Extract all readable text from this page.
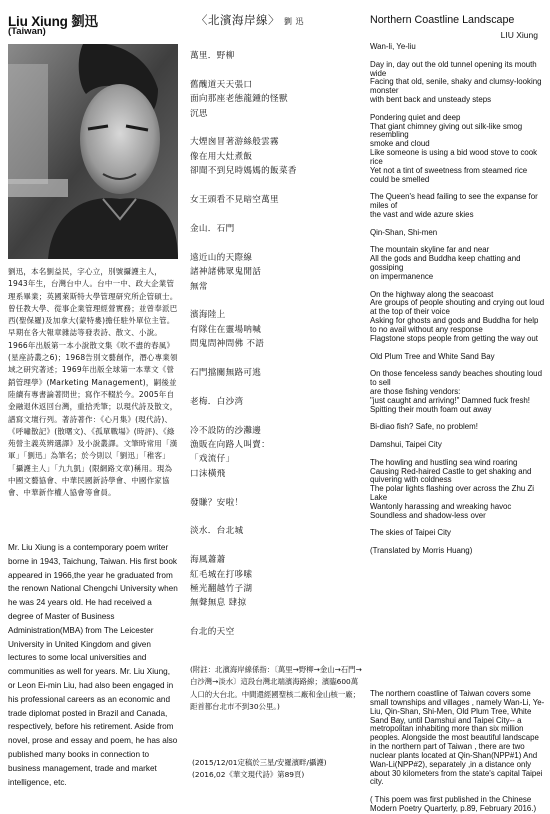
Liu Xiung 劉迅
(Taiwan)
劉迅，本名劉益民，字心立，別號攝護主人，1943年生，台灣台中人。台中一中、政大企業管理系畢業；英國萊斯特大學管理研究所企管碩士。曾任教大學、從事企業管理經營實務；並曾奉派巴西(聖保羅)及加拿大(蒙特婁)擔任駐外單位主管。早期在各大報章雜誌等發表詩、散文、小說。1966年出版第一本小說散文集《吹不盡的春風》(星座詩叢之6)；1968告別文藝創作，潛心專業領域之研究著述；1969年出版全球第一本華文《營銷管理學》(Marketing Management)，嗣後並陸續有專書論著問世；寫作不輟於今。2005年自金融退休返回台灣，重拾秃筆；以現代詩及散文，譜寫文壇行列。著詩著作：《心月集》(現代詩)、《呼嘯散記》(散曙文)、《孤單戰場》(時評)、《綠苑營主義英辨選譯》及小說叢譯。文筆時常用「漢軍」「劉迅」為筆名；於今則以「劉迅」「稚客」「攝護主人」「九九凱」(限網路文章)稱用。現為中國文藝協會、中華民國新詩學會、中國作家協會、中華新作權人協會等會員。
Mr. Liu Xiung is a contemporary poem writer borne in 1943, Taichung, Taiwan. His first book appeared in 1966,the year he graduated from the renown National Chengchi University when he was 24 years old. He had received a degree of Master of Business Administration(MBA) from The Leicester University in United Kingdom and given lectures to some local universities and communities as well for years. Mr. Liu Xiung, or Leon Ei-min Liu, had also been engaged in his professional careers as an economic and trade diplomat posted in Brazil and Canada, respectively, before his retirement. Aside from novel, prose and essay and poem, he has also published many books in connection to business management, trade and market intelligence, etc.
〈北濱海岸線〉 劉 迅
萬里．野柳

舊醜道天天張口
面向那座老態龍鍾的怪獸
沉思

大煙囪冒著游絲般雲霧
像在用大灶煮飯
卻聞不到兒時媽媽的飯菜香

女王頭看不見暗空萬里

金山．石門

遠近山的天際線
諸神諸佛眾鬼閒話
無常

濱海陸上
有隊住在靈場呐喊
問鬼問神問佛 不語

石門擋關無路可逃

老梅．白沙湾

冷不設防的沙灘邊
漁販在向路人叫賣：
「戏流仔」
口沫橫飛

發賺？安啦！

淡水．台北城

海風蕭蕭
紅毛城在打哆嗦
極光翻越竹子湖
無聲無息 肆掠

台北的天空
(附註：北濱海岸線係指：〔萬里→野柳→金山→石門→白沙灣→淡水〕這段台灣北端濱海路線；濱臨600萬人口的大台北。中間還經國聖核二廠和金山核一廠；距首都台北市不到30公里。)
(2015/12/01定稿於三星/安羅濱畔/攝護)
(2016,02《華文現代詩》第89頁)
Northern Coastline Landscape
LIU Xiung
Wan-li, Ye-liu

Day in, day out the old tunnel opening its mouth wide
Facing that old, senile, shaky and clumsy-looking monster
with bent back and unsteady steps

Pondering quiet and deep
That giant chimney giving out silk-like smog resembling
smoke and cloud
Like someone is using a bid wood stove to cook rice
Yet not a tint of sweetness from steamed rice could be smelled

The Queen's head failing to see the expanse for miles of
the vast and wide azure skies

Qin-Shan, Shi-men

The mountain skyline far and near
All the gods and Buddha keep chatting and gossiping
on impermanence

On the highway along the seacoast
Are groups of people shouting and crying out loud at the top of their voice
Asking for ghosts and gods and Buddha for help to no avail without any response
Flagstone stops people from getting the way out

Old Plum Tree and White Sand Bay

On those fenceless sandy beaches shouting loud to sell
are those fishing vendors:
"just caught and arriving!" Damned fuck fresh!
Spitting their mouth foam out away

Bi-diao fish? Safe, no problem!

Damshui, Taipei City

The howling and hustling sea wind roaring
Causing Red-haired Castle to get shaking and quivering with coldness
The polar lights flashing over across the Zhu Zi Lake
Wantonly harassing and wreaking havoc
Soundless and shadow-less over

The skies of Taipei City

(Translated by Morris Huang)
The northern coastline of Taiwan covers some small townships and villages , namely Wan-Li, Ye-Liu, Qin-Shan, Shi-Men, Old Plum Tree, White Sand Bay, until Damshui and Taipei City-- a metropolitan inhabiting more than six million peoples. Alongside the most beautiful landscape in the northern part of Taiwan , there are two nuclear plants located at Qin-Shan(NPP#1) And Wan-Li(NPP#2), separately ,in a distance only about 30 kilometers from the state's capital Taipei city.

( This poem was first published in the Chinese Modern Poetry Quarterly, p.89, February 2016.)
